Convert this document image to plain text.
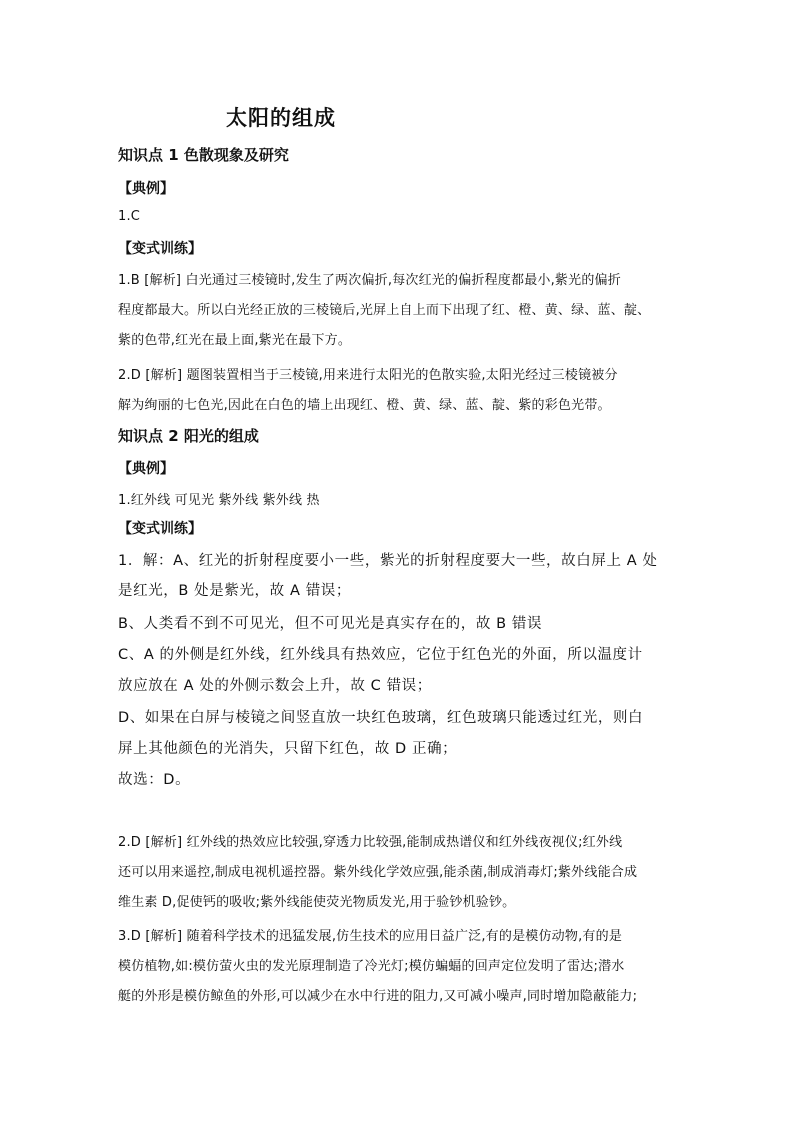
太阳的组成
知识点 1 色散现象及研究
【典例】
1.C
【变式训练】
1.B [解析] 白光通过三棱镜时,发生了两次偏折,每次红光的偏折程度都最小,紫光的偏折
程度都最大。所以白光经正放的三棱镜后,光屏上自上而下出现了红、橙、黄、绿、蓝、靛、
紫的色带,红光在最上面,紫光在最下方。
2.D [解析] 题图装置相当于三棱镜,用来进行太阳光的色散实验,太阳光经过三棱镜被分
解为绚丽的七色光,因此在白色的墙上出现红、橙、黄、绿、蓝、靛、紫的彩色光带。
知识点 2 阳光的组成
【典例】
1.红外线 可见光 紫外线 紫外线 热
【变式训练】
1．解：A、红光的折射程度要小一些，紫光的折射程度要大一些，故白屏上 A 处
是红光，B 处是紫光，故 A 错误；
B、人类看不到不可见光，但不可见光是真实存在的，故 B 错误
C、A 的外侧是红外线，红外线具有热效应，它位于红色光的外面，所以温度计
放应放在 A 处的外侧示数会上升，故 C 错误；
D、如果在白屏与棱镜之间竖直放一块红色玻璃，红色玻璃只能透过红光，则白
屏上其他颜色的光消失，只留下红色，故 D 正确；
故选：D。
2.D [解析] 红外线的热效应比较强,穿透力比较强,能制成热谱仪和红外线夜视仪;红外线
还可以用来遥控,制成电视机遥控器。紫外线化学效应强,能杀菌,制成消毒灯;紫外线能合成
维生素 D,促使钙的吸收;紫外线能使荧光物质发光,用于验钞机验钞。
3.D [解析] 随着科学技术的迅猛发展,仿生技术的应用日益广泛,有的是模仿动物,有的是
模仿植物,如:模仿萤火虫的发光原理制造了冷光灯;模仿蝙蝠的回声定位发明了雷达;潜水
艇的外形是模仿鲸鱼的外形,可以减少在水中行进的阻力,又可减小噪声,同时增加隐蔽能力;
